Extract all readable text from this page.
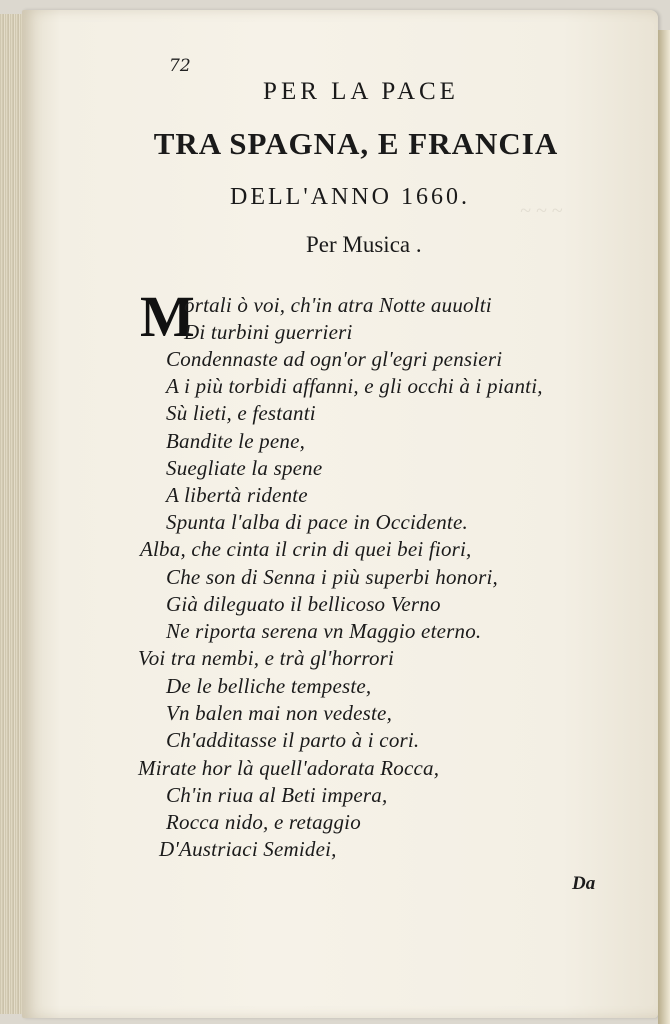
~ ~ ~
72
PER LA PACE
TRA SPAGNA, E FRANCIA
DELL'ANNO 1660.
Per Musica .
M
ortali ò voi, ch'in atra Notte auuolti
Di turbini guerrieri
Condennaste ad ogn'or gl'egri pensieri
A i più torbidi affanni, e gli occhi à i pianti,
Sù lieti, e festanti
Bandite le pene,
Suegliate la spene
A libertà ridente
Spunta l'alba di pace in Occidente.
Alba, che cinta il crin di quei bei fiori,
Che son di Senna i più superbi honori,
Già dileguato il bellicoso Verno
Ne riporta serena vn Maggio eterno.
Voi tra nembi, e trà gl'horrori
De le belliche tempeste,
Vn balen mai non vedeste,
Ch'additasse il parto à i cori.
Mirate hor là quell'adorata Rocca,
Ch'in riua al Beti impera,
Rocca nido, e retaggio
D'Austriaci Semidei,
Da
